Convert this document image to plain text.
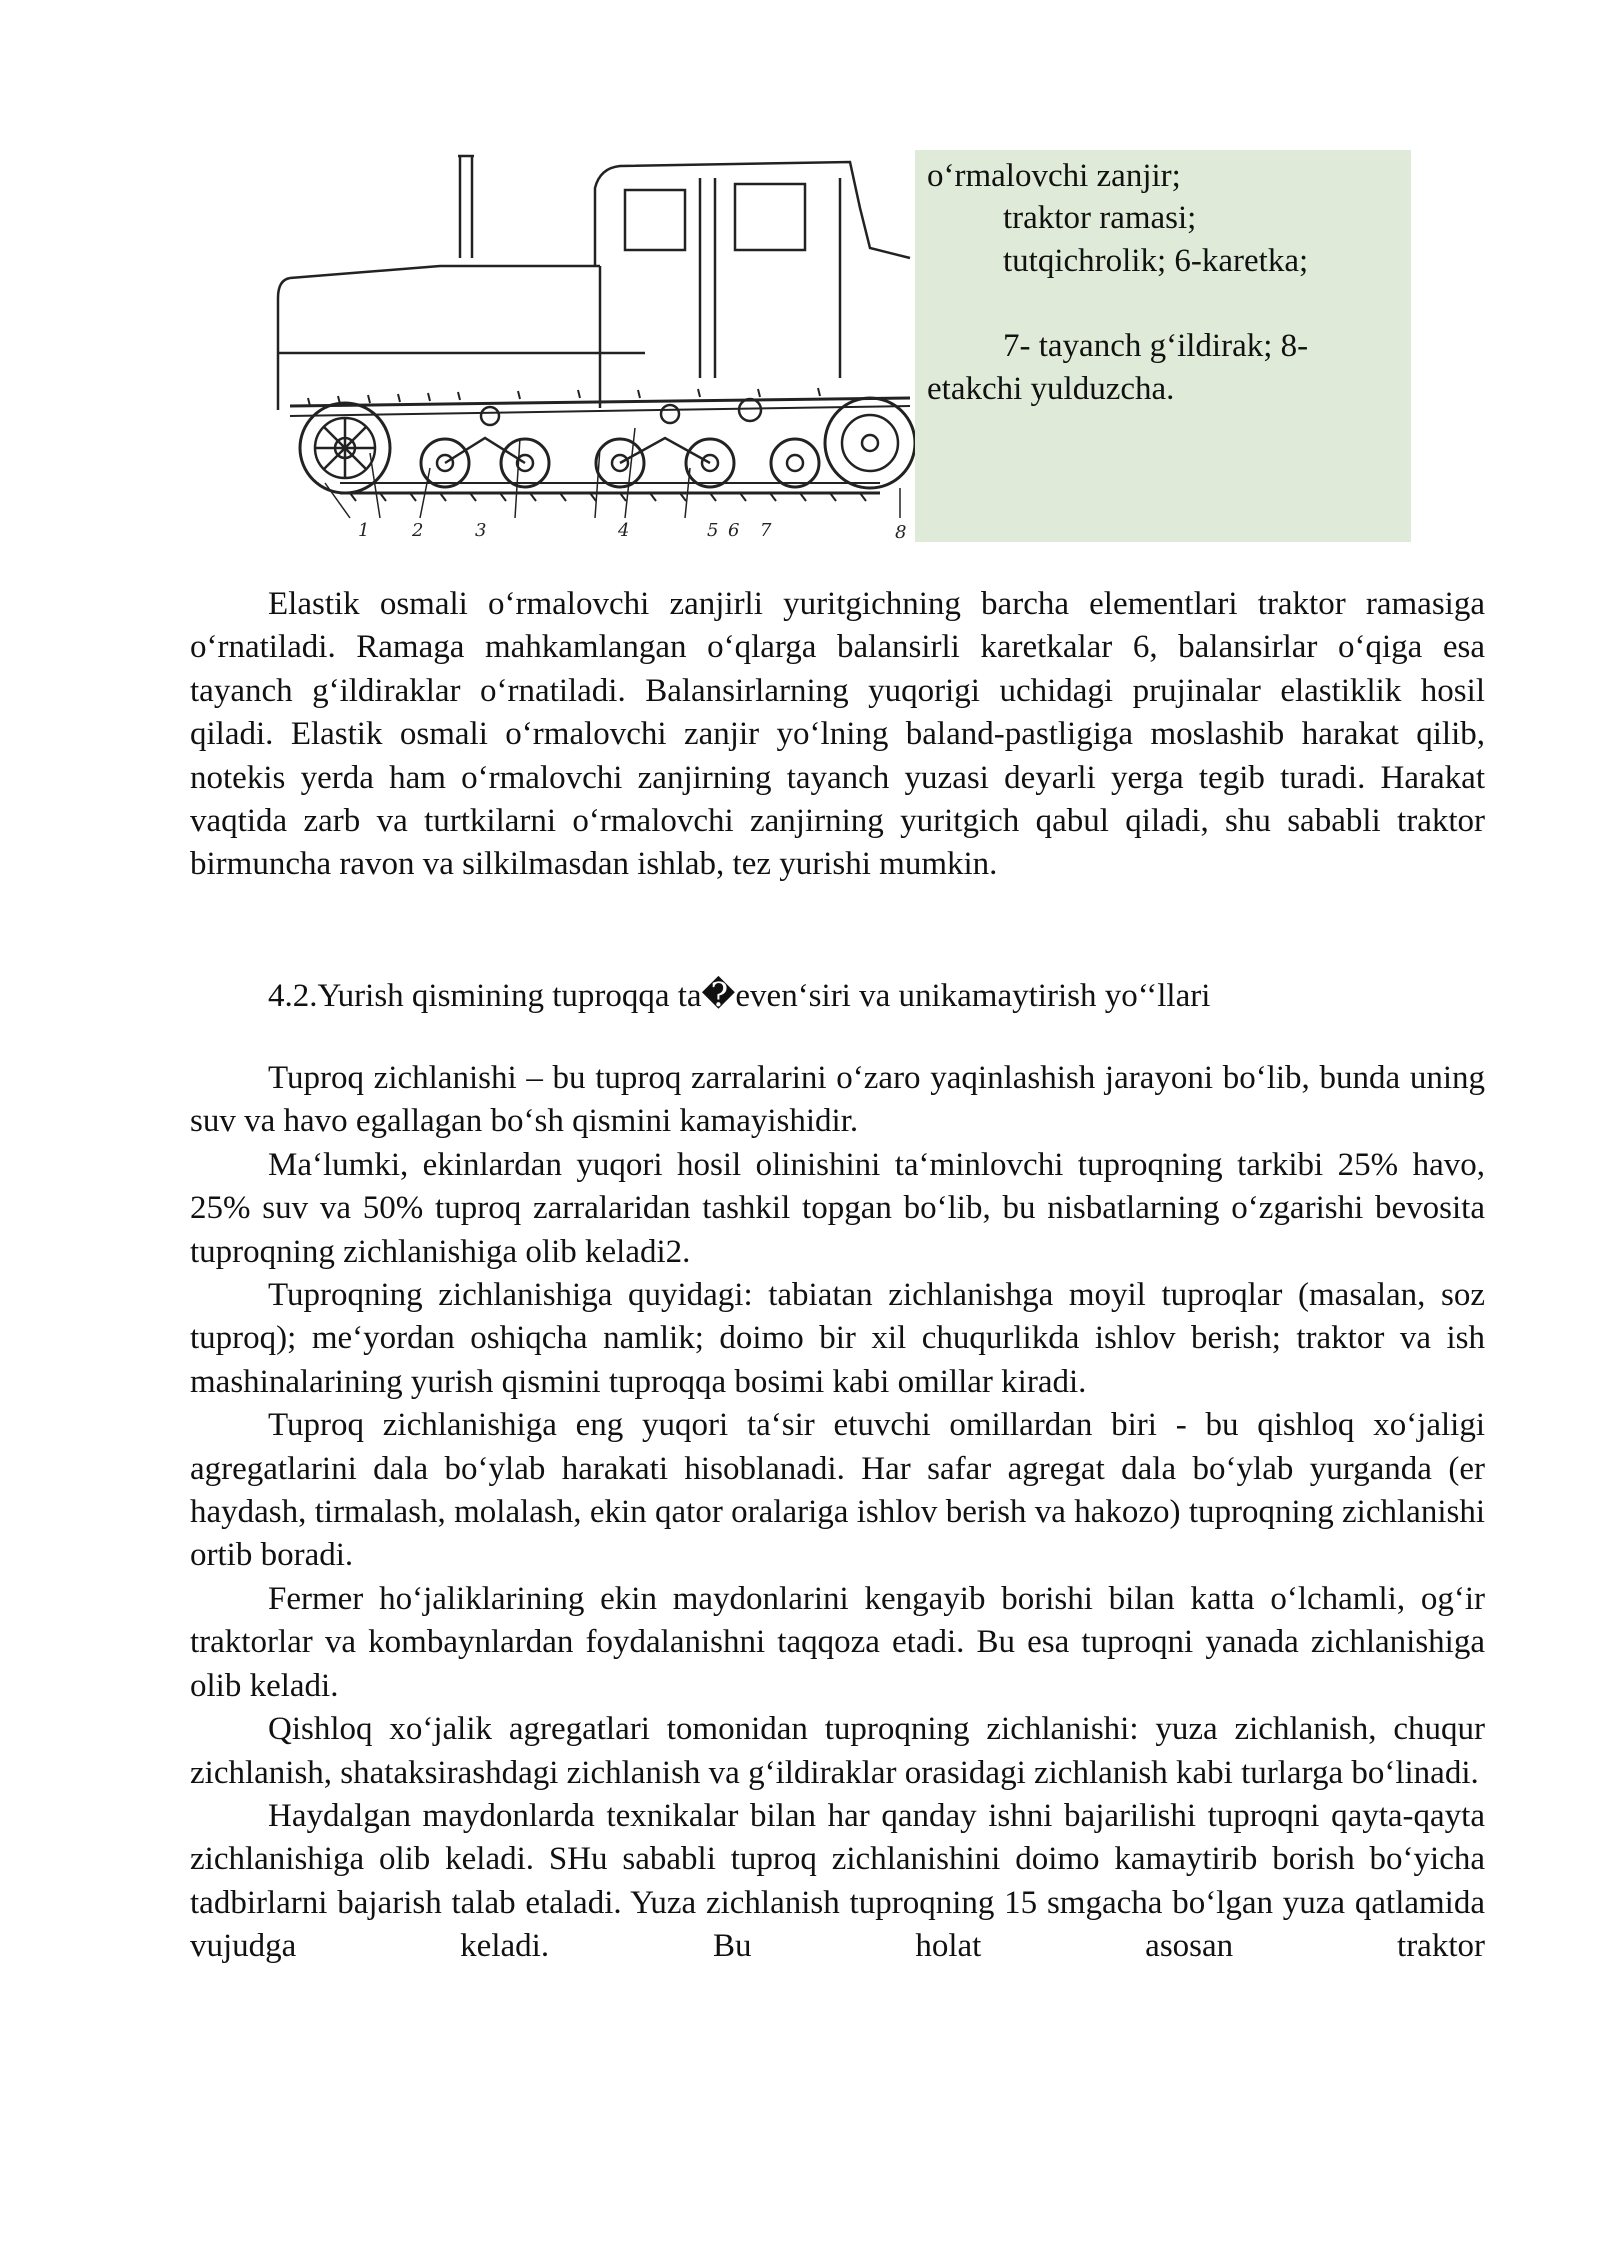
1 2	3	4	5 6 7	8
o‘rmalovchi zanjir;
traktor ramasi;
tutqichrolik; 6-karetka;
7- tayanch g‘ildirak; 8-
etakchi yulduzcha.

Elastik osmali o‘rmalovchi zanjirli yuritgichning barcha elementlari traktor ramasiga o‘rnatiladi. Ramaga mahkamlangan o‘qlarga balansirli karetkalar 6, balansirlar o‘qiga esa tayanch g‘ildiraklar o‘rnatiladi. Balansirlarning yuqorigi uchidagi prujinalar elastiklik hosil qiladi. Elastik osmali o‘rmalovchi zanjir yo‘lning baland-pastligiga moslashib harakat qilib, notekis yerda ham o‘rmalovchi zanjirning tayanch yuzasi deyarli yerga tegib turadi. Harakat vaqtida zarb va turtkilarni o‘rmalovchi zanjirning yuritgich qabul qiladi, shu sababli traktor birmuncha ravon va silkilmasdan ishlab, tez yurishi mumkin.

4.2.Yurish qismining tuproqqa ta�even‘siri va unikamaytirish yo‘‘llari

Tuproq zichlanishi – bu tuproq zarralarini o‘zaro yaqinlashish jarayoni bo‘lib, bunda uning suv va havo egallagan bo‘sh qismini kamayishidir.

Ma‘lumki, ekinlardan yuqori hosil olinishini ta‘minlovchi tuproqning tarkibi 25% havo, 25% suv va 50% tuproq zarralaridan tashkil topgan bo‘lib, bu nisbatlarning o‘zgarishi bevosita tuproqning zichlanishiga olib keladi2.

Tuproqning zichlanishiga quyidagi: tabiatan zichlanishga moyil tuproqlar (masalan, soz tuproq); me‘yordan oshiqcha namlik; doimo bir xil chuqurlikda ishlov berish; traktor va ish mashinalarining yurish qismini tuproqqa bosimi kabi omillar kiradi.

Tuproq zichlanishiga eng yuqori ta‘sir etuvchi omillardan biri - bu qishloq xo‘jaligi agregatlarini dala bo‘ylab harakati hisoblanadi. Har safar agregat dala bo‘ylab yurganda (er haydash, tirmalash, molalash, ekin qator oralariga ishlov berish va hakozo) tuproqning zichlanishi ortib boradi.

Fermer ho‘jaliklarining ekin maydonlarini kengayib borishi bilan katta o‘lchamli, og‘ir traktorlar va kombaynlardan foydalanishni taqqoza etadi. Bu esa tuproqni yanada zichlanishiga olib keladi.

Qishloq xo‘jalik agregatlari tomonidan tuproqning zichlanishi: yuza zichlanish, chuqur zichlanish, shataksirashdagi zichlanish va g‘ildiraklar orasidagi zichlanish kabi turlarga bo‘linadi.

Haydalgan maydonlarda texnikalar bilan har qanday ishni bajarilishi tuproqni qayta-qayta zichlanishiga olib keladi. SHu sababli tuproq zichlanishini doimo kamaytirib borish bo‘yicha tadbirlarni bajarish talab etaladi. Yuza zichlanish tuproqning 15 smgacha bo‘lgan yuza qatlamida vujudga keladi. Bu holat asosan traktor
